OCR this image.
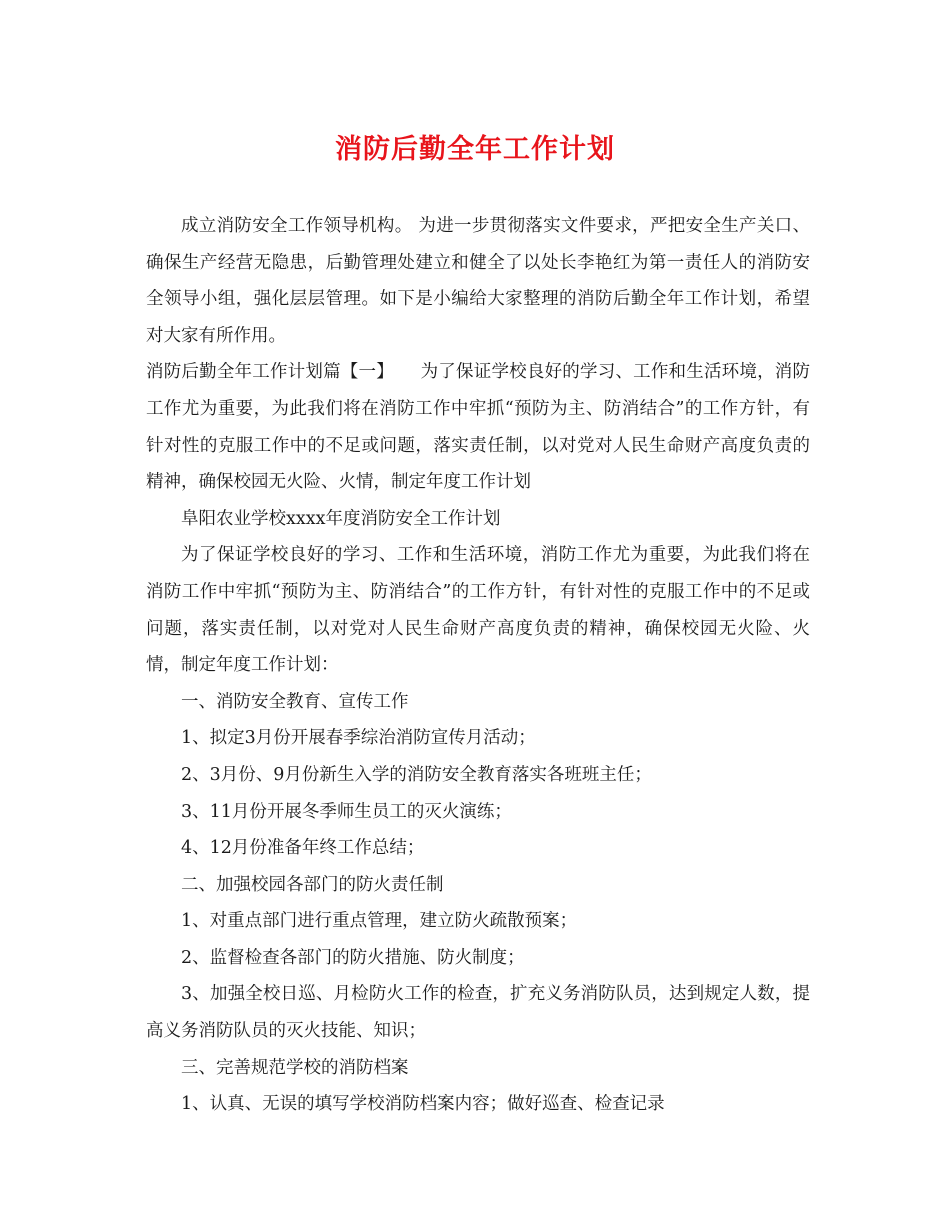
消防后勤全年工作计划

成立消防安全工作领导机构。 为进一步贯彻落实文件要求，严把安全生产关口、确保生产经营无隐患，后勤管理处建立和健全了以处长李艳红为第一责任人的消防安全领导小组，强化层层管理。如下是小编给大家整理的消防后勤全年工作计划，希望对大家有所作用。

消防后勤全年工作计划篇【一】　　为了保证学校良好的学习、工作和生活环境，消防工作尤为重要，为此我们将在消防工作中牢抓“预防为主、防消结合”的工作方针，有针对性的克服工作中的不足或问题，落实责任制，以对党对人民生命财产高度负责的精神，确保校园无火险、火情，制定年度工作计划

阜阳农业学校xxxx年度消防安全工作计划

为了保证学校良好的学习、工作和生活环境，消防工作尤为重要，为此我们将在消防工作中牢抓“预防为主、防消结合”的工作方针，有针对性的克服工作中的不足或问题，落实责任制，以对党对人民生命财产高度负责的精神，确保校园无火险、火情，制定年度工作计划：

一、消防安全教育、宣传工作

1、拟定3月份开展春季综治消防宣传月活动；

2、3月份、9月份新生入学的消防安全教育落实各班班主任；

3、11月份开展冬季师生员工的灭火演练；

4、12月份准备年终工作总结；

二、加强校园各部门的防火责任制

1、对重点部门进行重点管理，建立防火疏散预案；

2、监督检查各部门的防火措施、防火制度；

3、加强全校日巡、月检防火工作的检查，扩充义务消防队员，达到规定人数，提高义务消防队员的灭火技能、知识；

三、完善规范学校的消防档案

1、认真、无误的填写学校消防档案内容；做好巡查、检查记录
